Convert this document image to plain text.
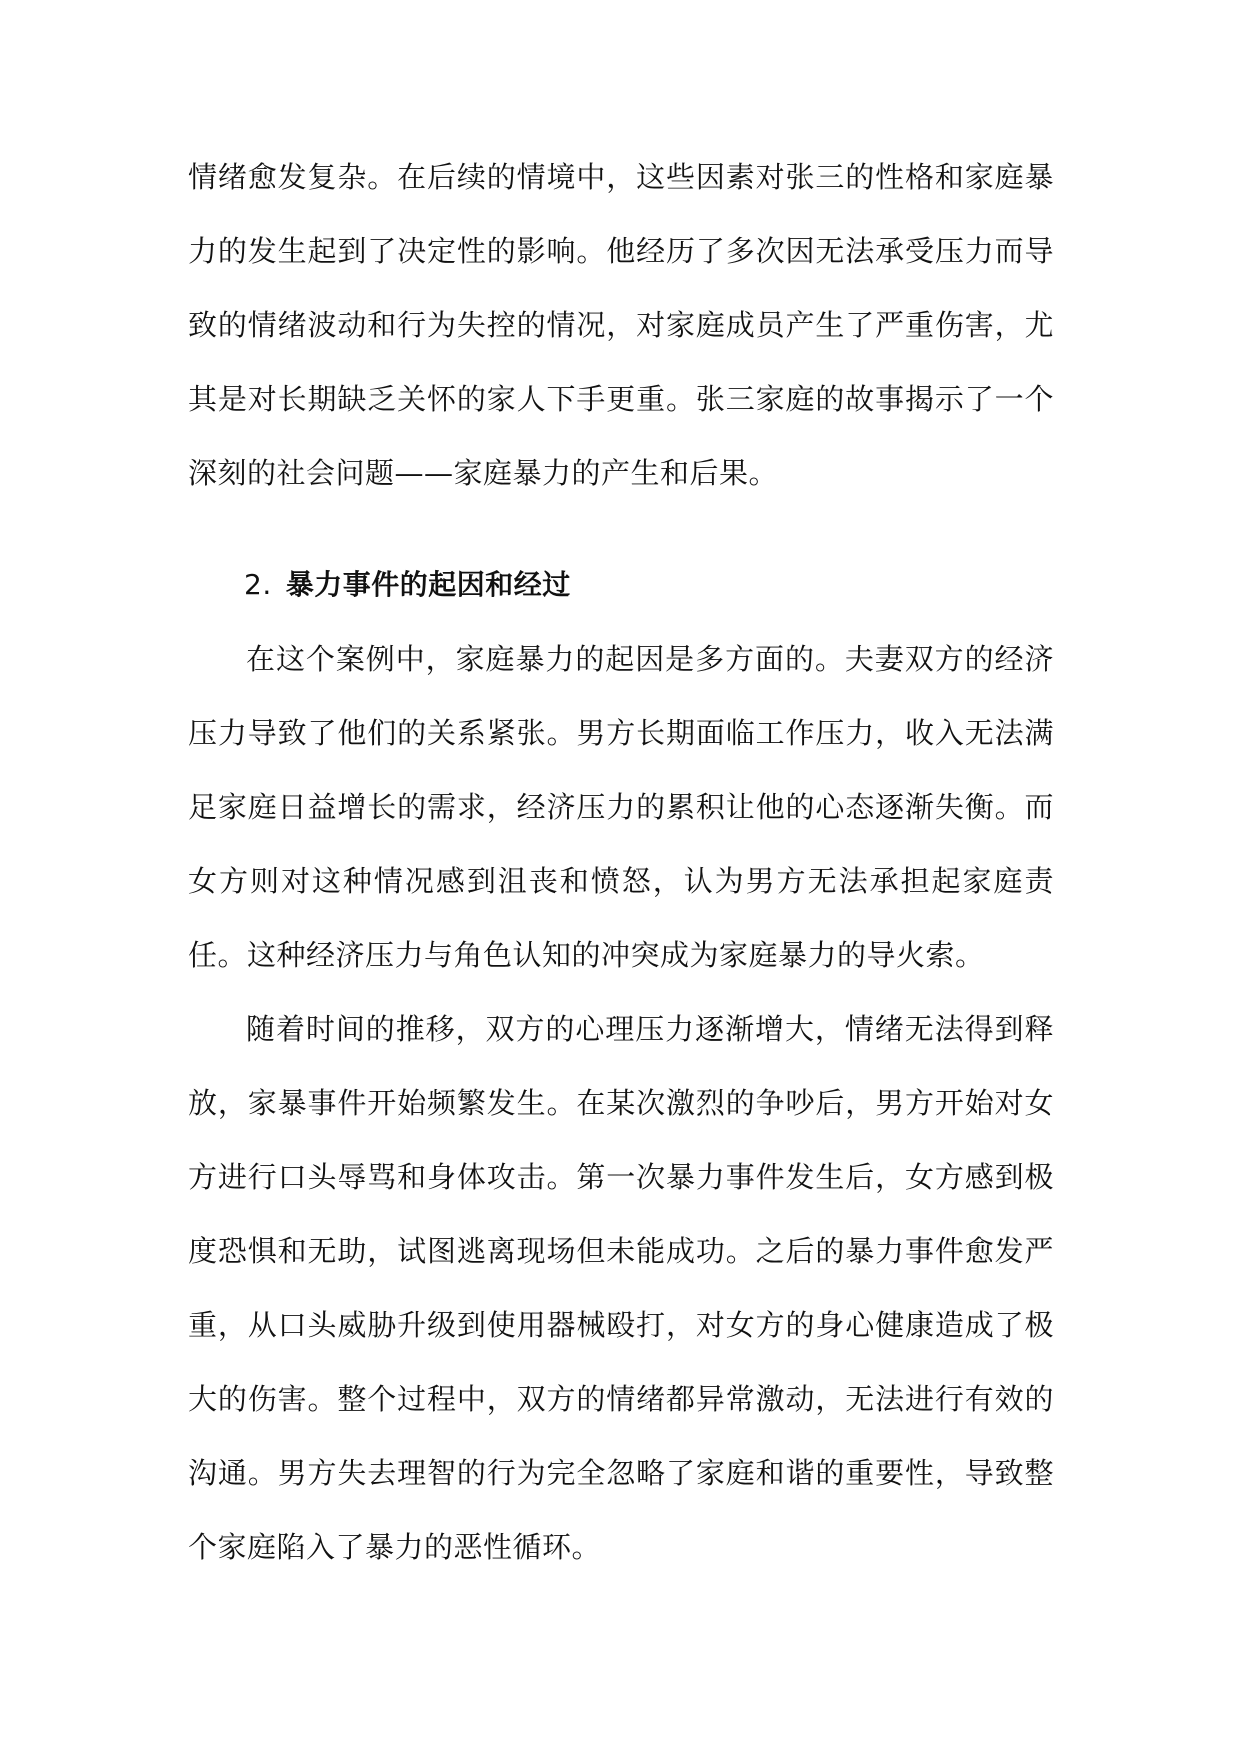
情绪愈发复杂。在后续的情境中，这些因素对张三的性格和家庭暴力的发生起到了决定性的影响。他经历了多次因无法承受压力而导致的情绪波动和行为失控的情况，对家庭成员产生了严重伤害，尤其是对长期缺乏关怀的家人下手更重。张三家庭的故事揭示了一个深刻的社会问题——家庭暴力的产生和后果。

2. 暴力事件的起因和经过

在这个案例中，家庭暴力的起因是多方面的。夫妻双方的经济压力导致了他们的关系紧张。男方长期面临工作压力，收入无法满足家庭日益增长的需求，经济压力的累积让他的心态逐渐失衡。而女方则对这种情况感到沮丧和愤怒，认为男方无法承担起家庭责任。这种经济压力与角色认知的冲突成为家庭暴力的导火索。

随着时间的推移，双方的心理压力逐渐增大，情绪无法得到释放，家暴事件开始频繁发生。在某次激烈的争吵后，男方开始对女方进行口头辱骂和身体攻击。第一次暴力事件发生后，女方感到极度恐惧和无助，试图逃离现场但未能成功。之后的暴力事件愈发严重，从口头威胁升级到使用器械殴打，对女方的身心健康造成了极大的伤害。整个过程中，双方的情绪都异常激动，无法进行有效的沟通。男方失去理智的行为完全忽略了家庭和谐的重要性，导致整个家庭陷入了暴力的恶性循环。
